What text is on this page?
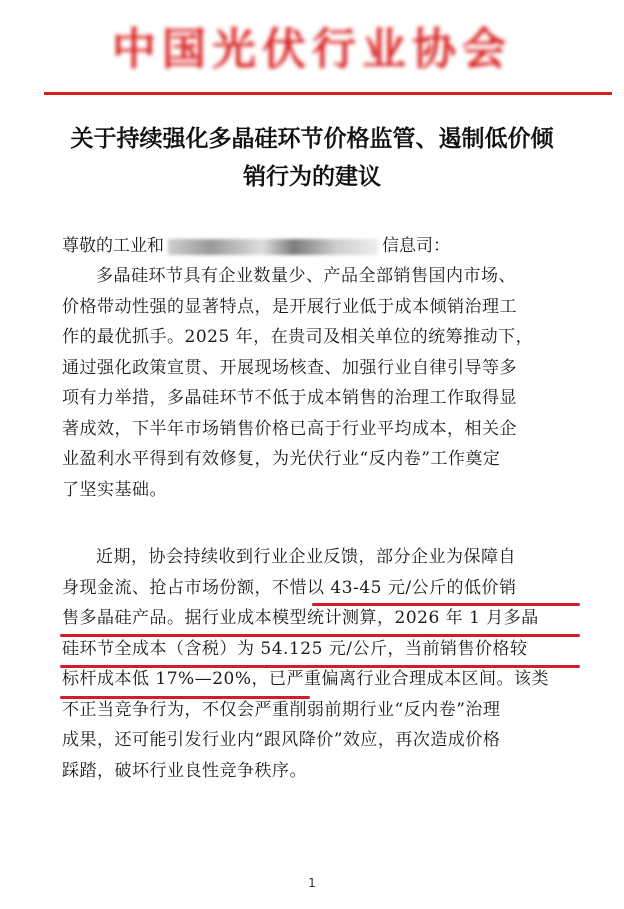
中国光伏行业协会
关于持续强化多晶硅环节价格监管、遏制低价倾
销行为的建议
尊敬的工业和	信息司：
多晶硅环节具有企业数量少、产品全部销售国内市场、
价格带动性强的显著特点，是开展行业低于成本倾销治理工
作的最优抓手。2025 年，在贵司及相关单位的统筹推动下，
通过强化政策宣贯、开展现场核查、加强行业自律引导等多
项有力举措，多晶硅环节不低于成本销售的治理工作取得显
著成效，下半年市场销售价格已高于行业平均成本，相关企
业盈利水平得到有效修复，为光伏行业“反内卷”工作奠定
了坚实基础。
近期，协会持续收到行业企业反馈，部分企业为保障自
身现金流、抢占市场份额，不惜以 43-45 元/公斤的低价销
售多晶硅产品。据行业成本模型统计测算，2026 年 1 月多晶
硅环节全成本（含税）为 54.125 元/公斤，当前销售价格较
标杆成本低 17%—20%，已严重偏离行业合理成本区间。该类
不正当竞争行为，不仅会严重削弱前期行业“反内卷”治理
成果，还可能引发行业内“跟风降价”效应，再次造成价格
踩踏，破坏行业良性竞争秩序。
1
